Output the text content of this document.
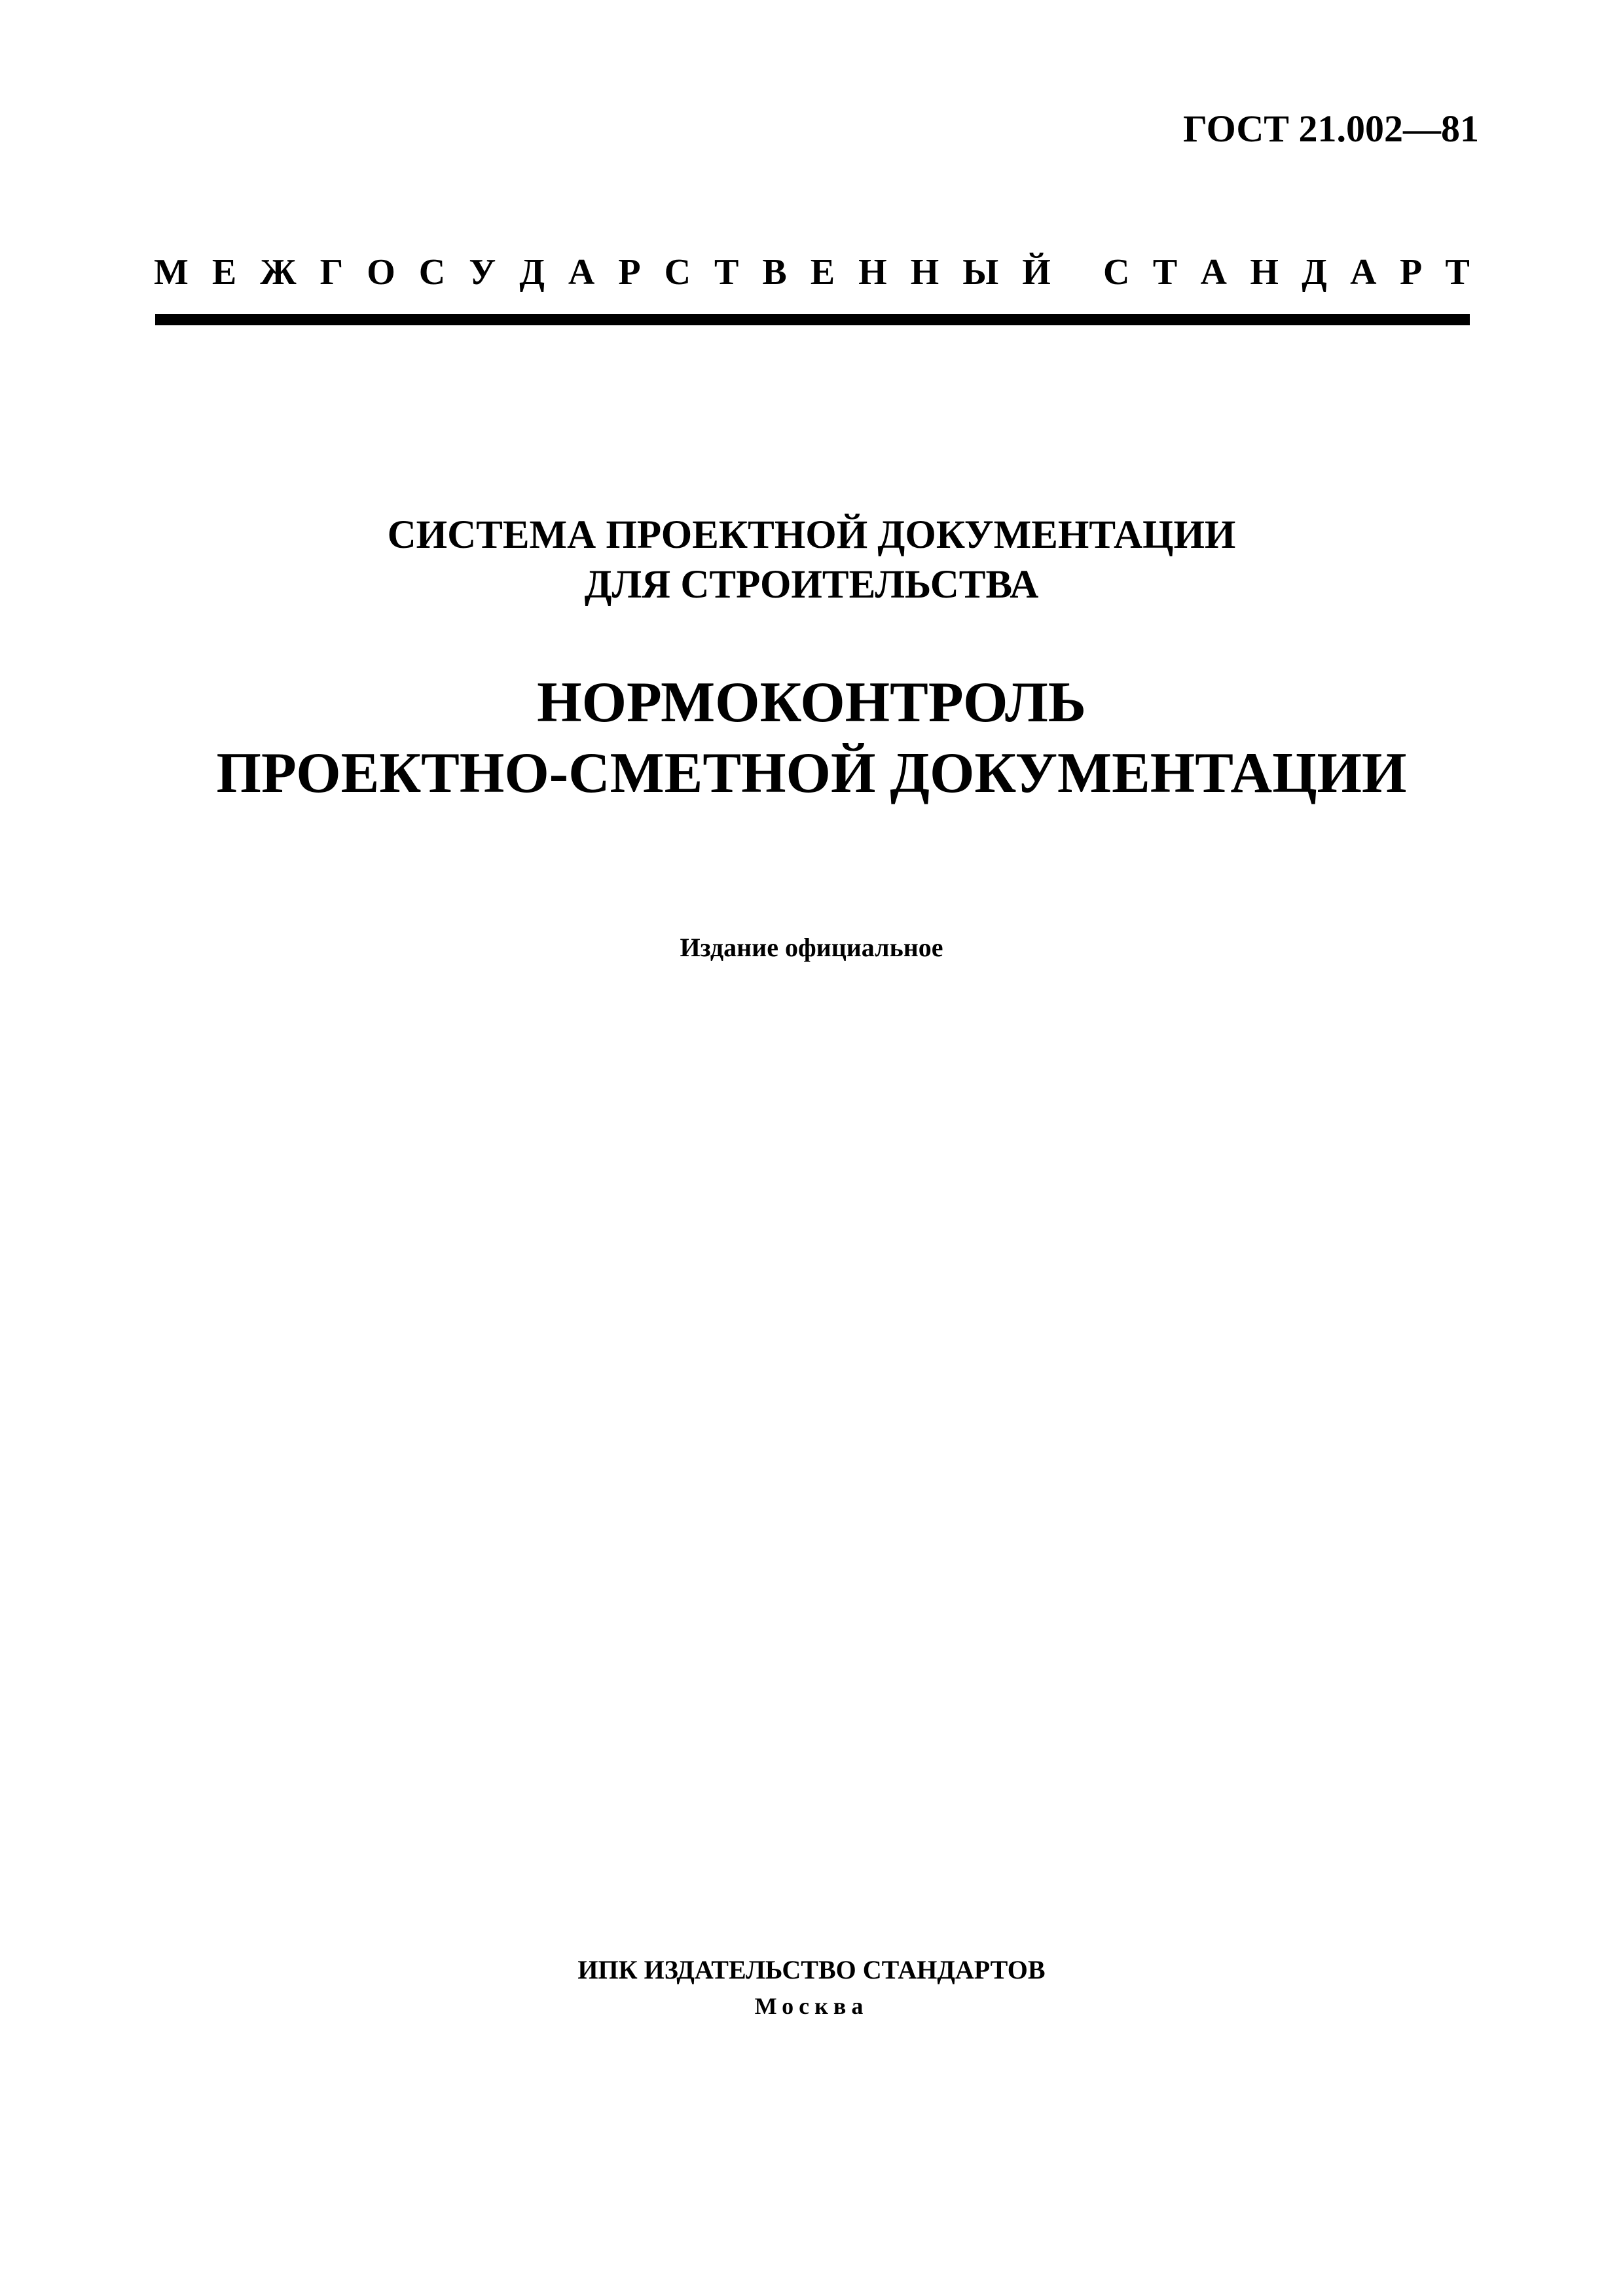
ГОСТ 21.002—81
М Е Ж Г О С У Д А Р С Т В Е Н Н Ы Й С Т А Н Д А Р Т
СИСТЕМА ПРОЕКТНОЙ ДОКУМЕНТАЦИИ
ДЛЯ СТРОИТЕЛЬСТВА
НОРМОКОНТРОЛЬ
ПРОЕКТНО-СМЕТНОЙ ДОКУМЕНТАЦИИ
Издание официальное
ИПК ИЗДАТЕЛЬСТВО СТАНДАРТОВ
Москва
